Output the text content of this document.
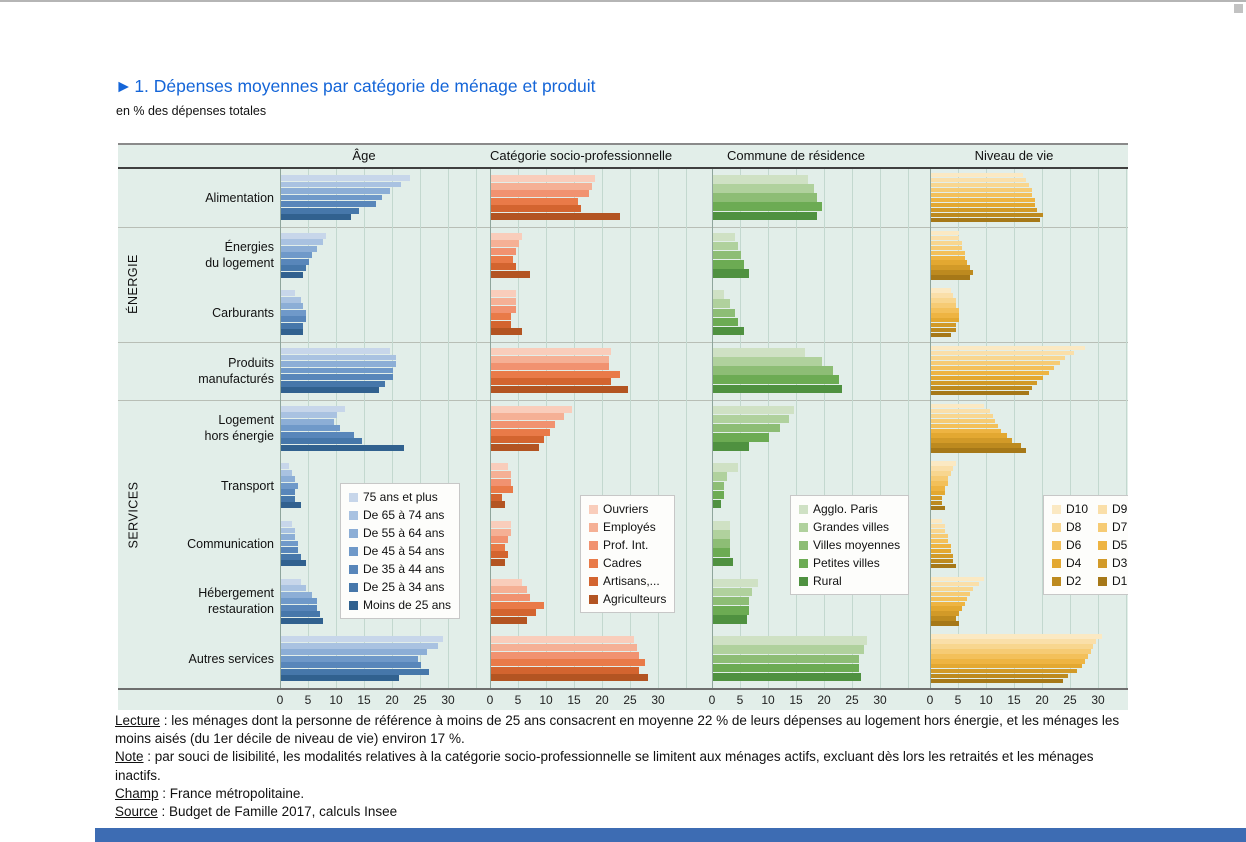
► 1. Dépenses moyennes par catégorie de ménage et produit
en % des dépenses totales
Âge	Catégorie socio-professionnelle	Commune de résidence	Niveau de vie
Alimentation
Énergies
du logement
Carburants
Produits
manufacturés
Logement
hors énergie
Transport
Communication
Hébergement
restauration
Autres services
ÉNERGIE
SERVICES
0	5	10 15 20 25 30	0	5	10 15 20 25 30	0	5	10 15 20 25 30	0	5	10 15 20 25 30
75 ans et plus
De 65 à 74 ans
De 55 à 64 ans
De 45 à 54 ans
De 35 à 44 ans
De 25 à 34 ans
Moins de 25 ans
Ouvriers
Employés
Prof. Int.
Cadres
Artisans,...
Agriculteurs
Agglo. Paris
Grandes villes
Villes moyennes
Petites villes
Rural
D10 D9
D8	D7
D6	D5
D4	D3
D2	D1

Lecture : les ménages dont la personne de référence à moins de 25 ans consacrent en moyenne 22 % de leurs dépenses au logement hors énergie, et les ménages les moins aisés (du 1er décile de niveau de vie) environ 17 %.

Note : par souci de lisibilité, les modalités relatives à la catégorie socio-professionnelle se limitent aux ménages actifs, excluant dès lors les retraités et les ménages inactifs.

Champ : France métropolitaine.

Source : Budget de Famille 2017, calculs Insee
